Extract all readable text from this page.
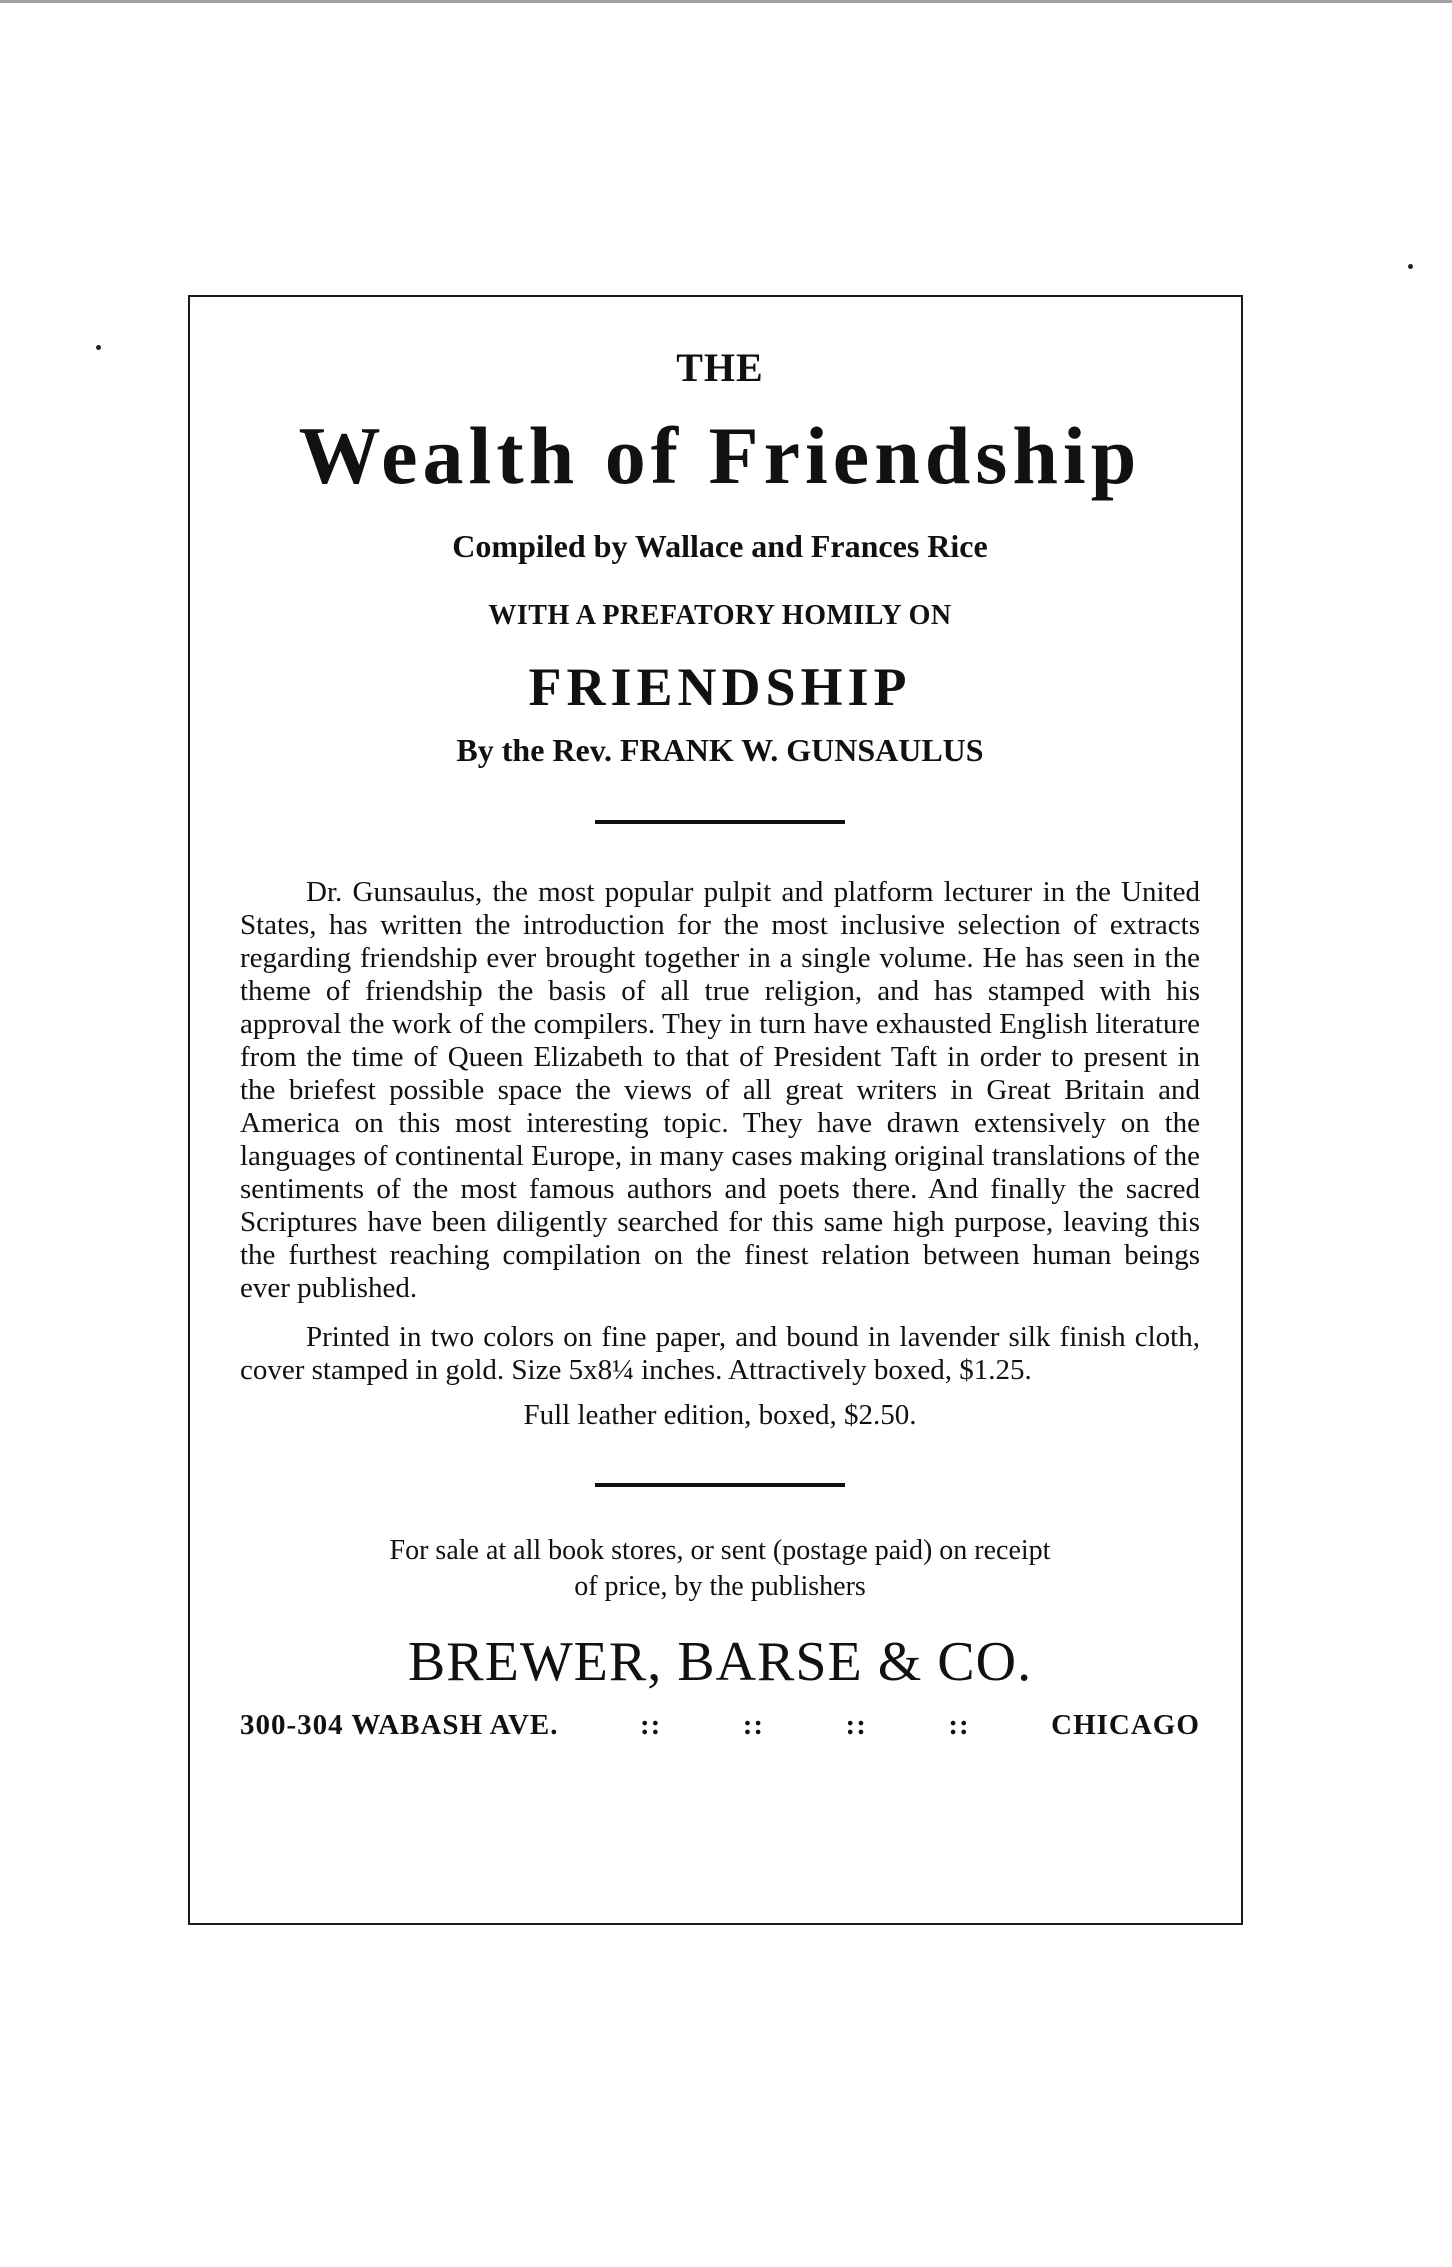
THE

Wealth of Friendship

Compiled by Wallace and Frances Rice

WITH A PREFATORY HOMILY ON

FRIENDSHIP

By the Rev. FRANK W. GUNSAULUS

Dr. Gunsaulus, the most popular pulpit and platform lecturer in the United States, has written the introduction for the most inclusive selection of extracts regarding friendship ever brought together in a single volume. He has seen in the theme of friendship the basis of all true religion, and has stamped with his approval the work of the compilers. They in turn have exhausted English literature from the time of Queen Elizabeth to that of President Taft in order to present in the briefest possible space the views of all great writers in Great Britain and America on this most interesting topic. They have drawn extensively on the languages of continental Europe, in many cases making original translations of the sentiments of the most famous authors and poets there. And finally the sacred Scriptures have been diligently searched for this same high purpose, leaving this the furthest reaching compilation on the finest relation between human beings ever published.

Printed in two colors on fine paper, and bound in lavender silk finish cloth, cover stamped in gold. Size 5x8¼ inches. Attractively boxed, $1.25.

Full leather edition, boxed, $2.50.

For sale at all book stores, or sent (postage paid) on receipt
of price, by the publishers

BREWER, BARSE & CO.

300-304 WABASH AVE.	::	::	::	::	CHICAGO
